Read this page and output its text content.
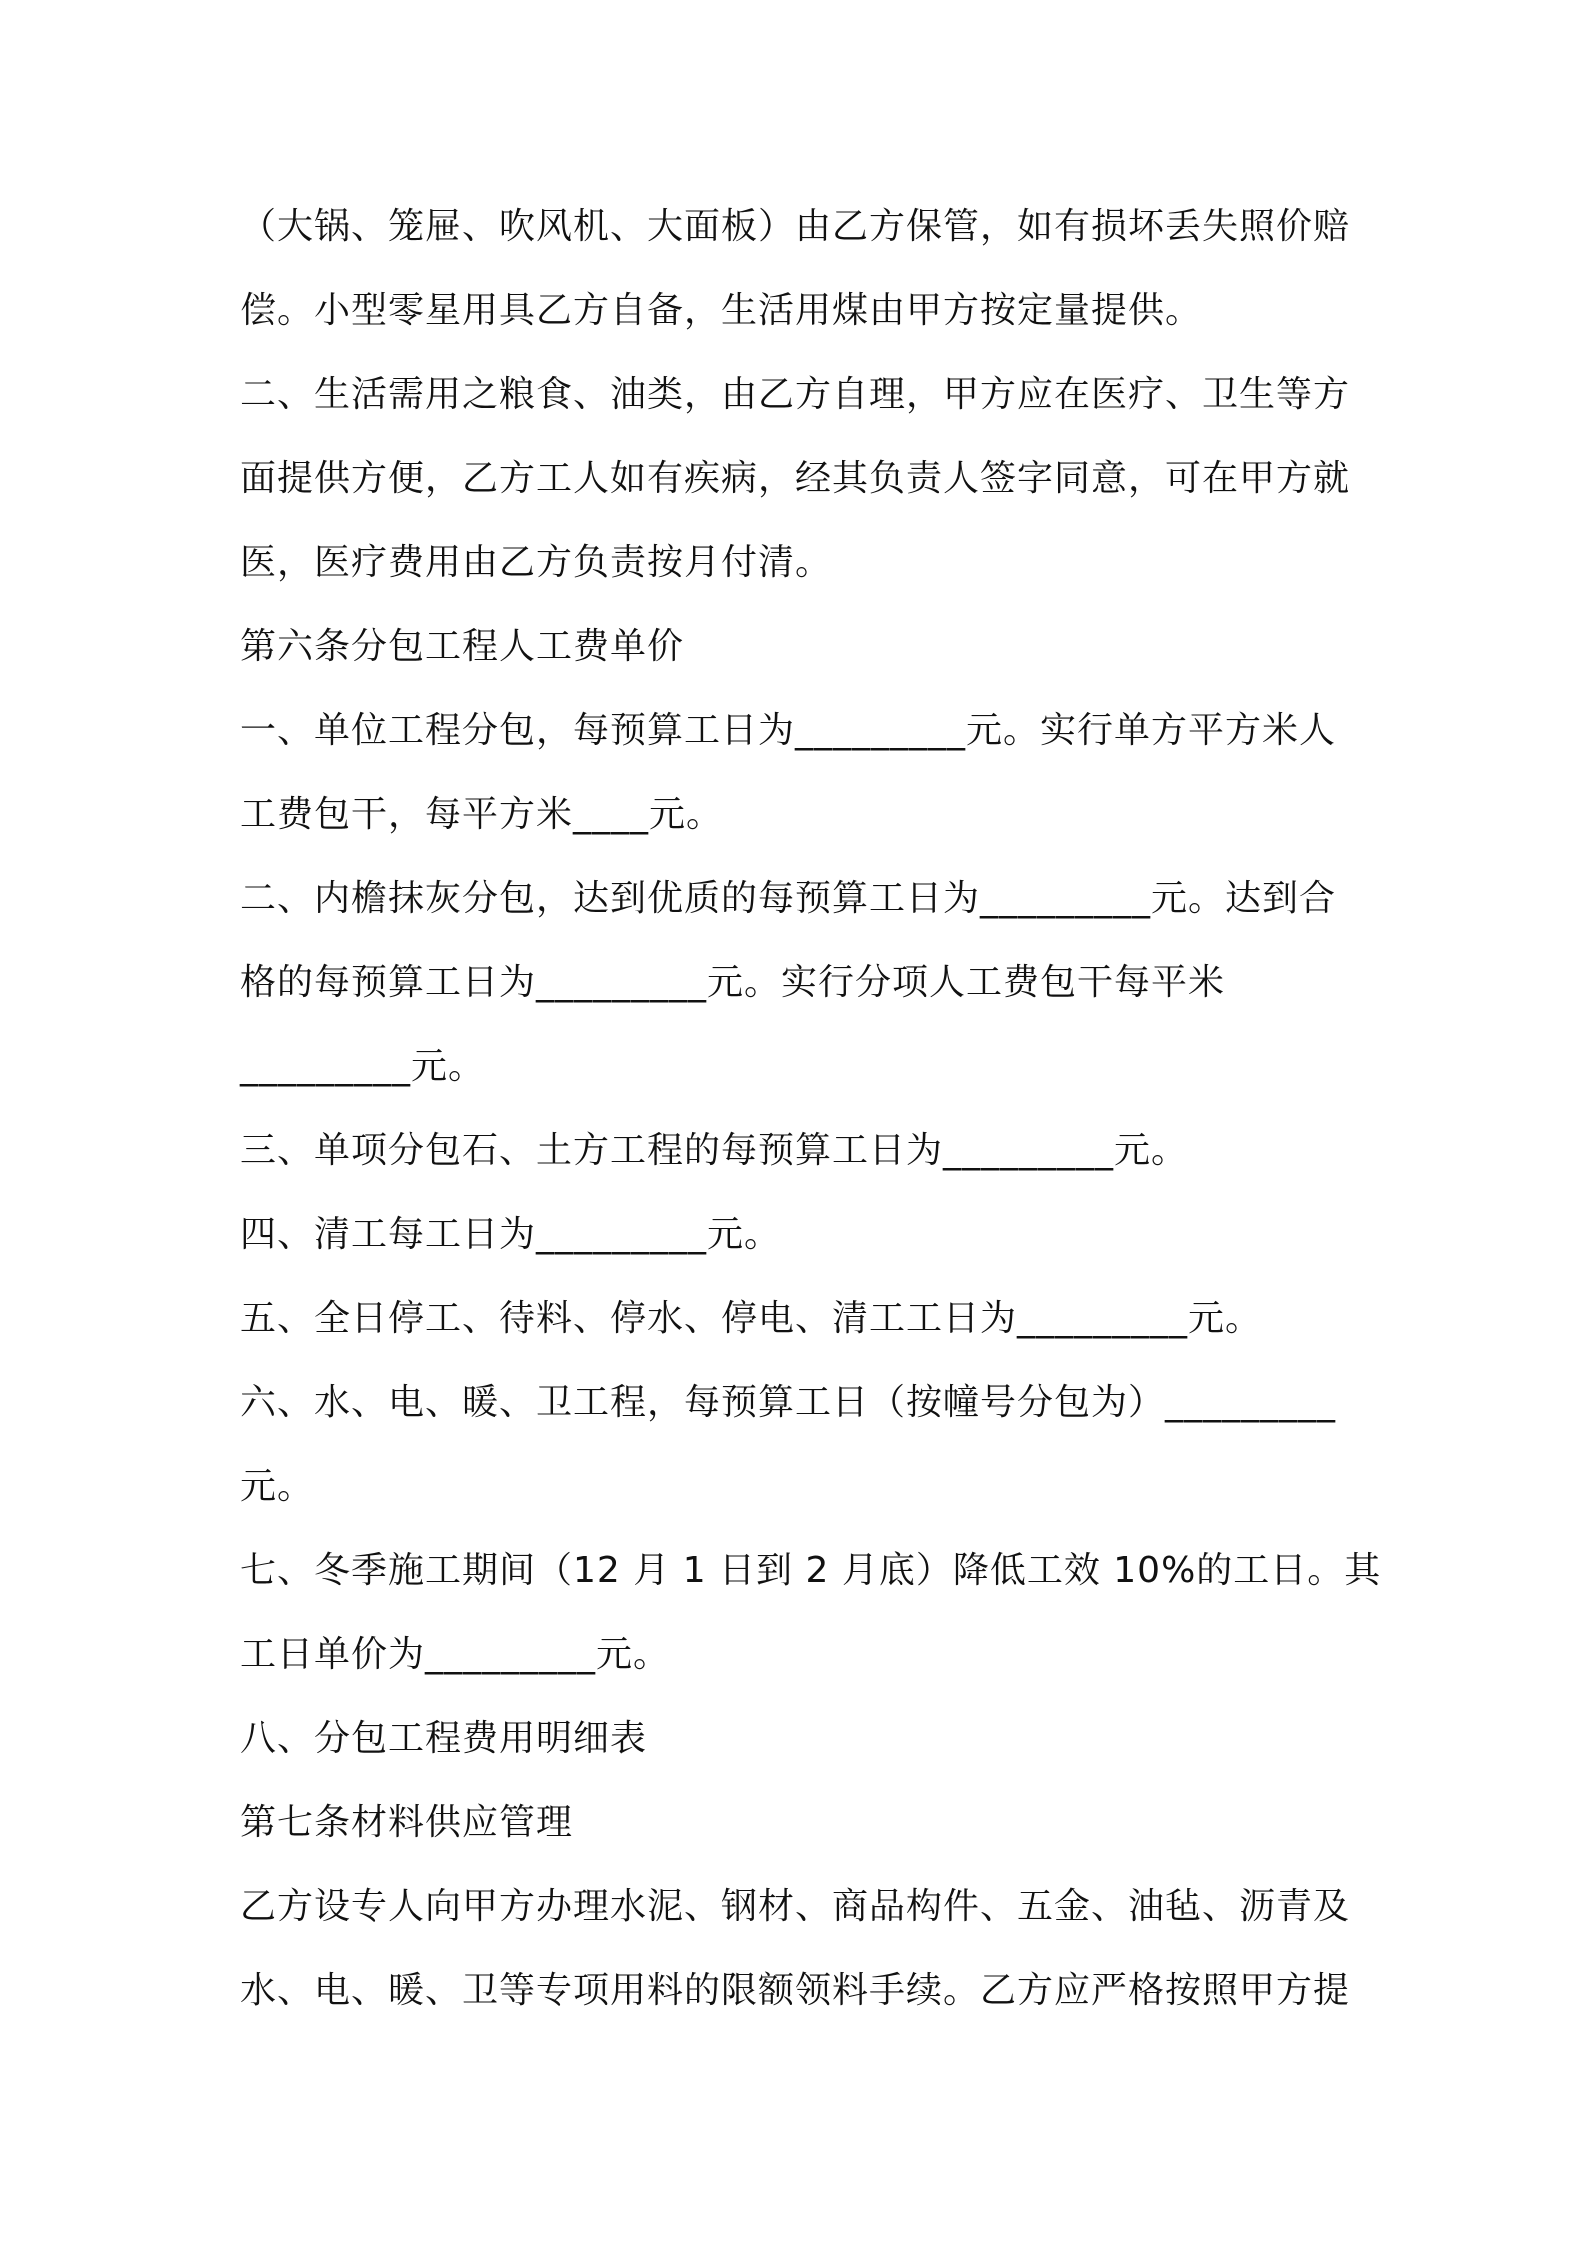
（大锅、笼屉、吹风机、大面板）由乙方保管，如有损坏丢失照价赔
偿。小型零星用具乙方自备，生活用煤由甲方按定量提供。
二、生活需用之粮食、油类，由乙方自理，甲方应在医疗、卫生等方
面提供方便，乙方工人如有疾病，经其负责人签字同意，可在甲方就
医，医疗费用由乙方负责按月付清。
第六条分包工程人工费单价
一、单位工程分包，每预算工日为_________元。实行单方平方米人
工费包干，每平方米____元。
二、内檐抹灰分包，达到优质的每预算工日为_________元。达到合
格的每预算工日为_________元。实行分项人工费包干每平米
_________元。
三、单项分包石、土方工程的每预算工日为_________元。
四、清工每工日为_________元。
五、全日停工、待料、停水、停电、清工工日为_________元。
六、水、电、暖、卫工程，每预算工日（按幢号分包为）_________
元。
七、冬季施工期间（12 月 1 日到 2 月底）降低工效 10%的工日。其
工日单价为_________元。
八、分包工程费用明细表
第七条材料供应管理
乙方设专人向甲方办理水泥、钢材、商品构件、五金、油毡、沥青及
水、电、暖、卫等专项用料的限额领料手续。乙方应严格按照甲方提
